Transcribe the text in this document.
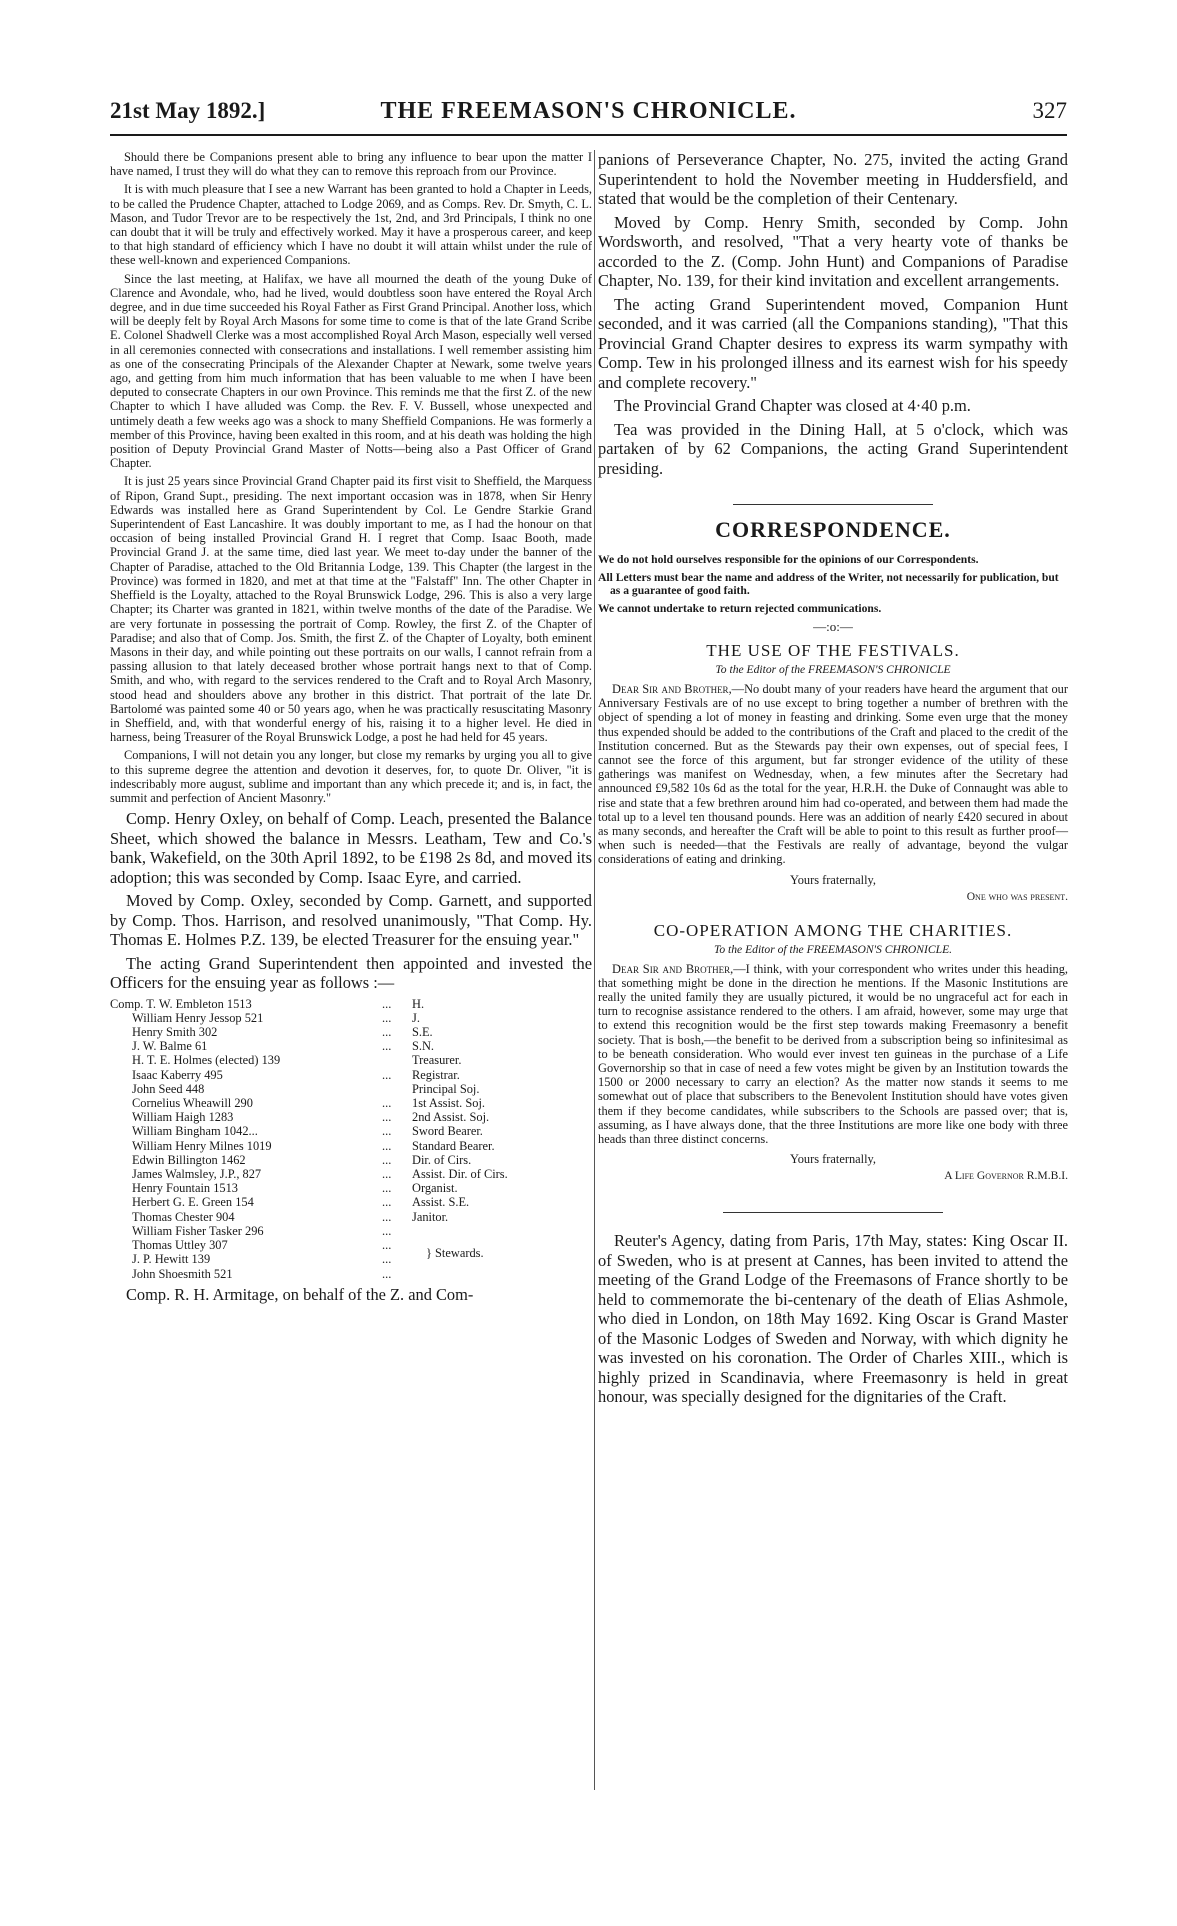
21st May 1892.]	THE FREEMASON'S CHRONICLE.	327

Should there be Companions present able to bring any influence to bear upon the matter I have named, I trust they will do what they can to remove this reproach from our Province.

It is with much pleasure that I see a new Warrant has been granted to hold a Chapter in Leeds, to be called the Prudence Chapter, attached to Lodge 2069, and as Comps. Rev. Dr. Smyth, C. L. Mason, and Tudor Trevor are to be respectively the 1st, 2nd, and 3rd Principals, I think no one can doubt that it will be truly and effectively worked. May it have a prosperous career, and keep to that high standard of efficiency which I have no doubt it will attain whilst under the rule of these well-known and experienced Companions.

Since the last meeting, at Halifax, we have all mourned the death of the young Duke of Clarence and Avondale, who, had he lived, would doubtless soon have entered the Royal Arch degree, and in due time succeeded his Royal Father as First Grand Principal. Another loss, which will be deeply felt by Royal Arch Masons for some time to come is that of the late Grand Scribe E. Colonel Shadwell Clerke was a most accomplished Royal Arch Mason, especially well versed in all ceremonies connected with consecrations and installations. I well remember assisting him as one of the consecrating Principals of the Alexander Chapter at Newark, some twelve years ago, and getting from him much information that has been valuable to me when I have been deputed to consecrate Chapters in our own Province. This reminds me that the first Z. of the new Chapter to which I have alluded was Comp. the Rev. F. V. Bussell, whose unexpected and untimely death a few weeks ago was a shock to many Sheffield Companions. He was formerly a member of this Province, having been exalted in this room, and at his death was holding the high position of Deputy Provincial Grand Master of Notts—being also a Past Officer of Grand Chapter.

It is just 25 years since Provincial Grand Chapter paid its first visit to Sheffield, the Marquess of Ripon, Grand Supt., presiding. The next important occasion was in 1878, when Sir Henry Edwards was installed here as Grand Superintendent by Col. Le Gendre Starkie Grand Superintendent of East Lancashire. It was doubly important to me, as I had the honour on that occasion of being installed Provincial Grand H. I regret that Comp. Isaac Booth, made Provincial Grand J. at the same time, died last year. We meet to-day under the banner of the Chapter of Paradise, attached to the Old Britannia Lodge, 139. This Chapter (the largest in the Province) was formed in 1820, and met at that time at the "Falstaff" Inn. The other Chapter in Sheffield is the Loyalty, attached to the Royal Brunswick Lodge, 296. This is also a very large Chapter; its Charter was granted in 1821, within twelve months of the date of the Paradise. We are very fortunate in possessing the portrait of Comp. Rowley, the first Z. of the Chapter of Paradise; and also that of Comp. Jos. Smith, the first Z. of the Chapter of Loyalty, both eminent Masons in their day, and while pointing out these portraits on our walls, I cannot refrain from a passing allusion to that lately deceased brother whose portrait hangs next to that of Comp. Smith, and who, with regard to the services rendered to the Craft and to Royal Arch Masonry, stood head and shoulders above any brother in this district. That portrait of the late Dr. Bartolomé was painted some 40 or 50 years ago, when he was practically resuscitating Masonry in Sheffield, and, with that wonderful energy of his, raising it to a higher level. He died in harness, being Treasurer of the Royal Brunswick Lodge, a post he had held for 45 years.

Companions, I will not detain you any longer, but close my remarks by urging you all to give to this supreme degree the attention and devotion it deserves, for, to quote Dr. Oliver, "it is indescribably more august, sublime and important than any which precede it; and is, in fact, the summit and perfection of Ancient Masonry."

Comp. Henry Oxley, on behalf of Comp. Leach, presented the Balance Sheet, which showed the balance in Messrs. Leatham, Tew and Co.'s bank, Wakefield, on the 30th April 1892, to be £198 2s 8d, and moved its adoption; this was seconded by Comp. Isaac Eyre, and carried.

Moved by Comp. Oxley, seconded by Comp. Garnett, and supported by Comp. Thos. Harrison, and resolved unanimously, "That Comp. Hy. Thomas E. Holmes P.Z. 139, be elected Treasurer for the ensuing year."

The acting Grand Superintendent then appointed and invested the Officers for the ensuing year as follows :—

Comp. T. W. Embleton 1513	...	H.
William Henry Jessop 521	...	J.
Henry Smith 302	...	S.E.
J. W. Balme 61	...	S.N.
H. T. E. Holmes (elected) 139	Treasurer.
Isaac Kaberry 495	...	Registrar.
John Seed 448	Principal Soj.
Cornelius Wheawill 290	...	1st Assist. Soj.
William Haigh 1283	...	2nd Assist. Soj.
William Bingham 1042...	...	Sword Bearer.
William Henry Milnes 1019	...	Standard Bearer.
Edwin Billington 1462	...	Dir. of Cirs.
James Walmsley, J.P., 827	...	Assist. Dir. of Cirs.
Henry Fountain 1513	...	Organist.
Herbert G. E. Green 154	...	Assist. S.E.
Thomas Chester 904	...	Janitor.
William Fisher Tasker 296	...
Thomas Uttley 307	...
J. P. Hewitt 139	...
John Shoesmith 521	...
} Stewards.

Comp. R. H. Armitage, on behalf of the Z. and Com-

panions of Perseverance Chapter, No. 275, invited the acting Grand Superintendent to hold the November meeting in Huddersfield, and stated that would be the completion of their Centenary.

Moved by Comp. Henry Smith, seconded by Comp. John Wordsworth, and resolved, "That a very hearty vote of thanks be accorded to the Z. (Comp. John Hunt) and Companions of Paradise Chapter, No. 139, for their kind invitation and excellent arrangements.

The acting Grand Superintendent moved, Companion Hunt seconded, and it was carried (all the Companions standing), "That this Provincial Grand Chapter desires to express its warm sympathy with Comp. Tew in his prolonged illness and its earnest wish for his speedy and complete recovery."

The Provincial Grand Chapter was closed at 4·40 p.m.

Tea was provided in the Dining Hall, at 5 o'clock, which was partaken of by 62 Companions, the acting Grand Superintendent presiding.

CORRESPONDENCE.

We do not hold ourselves responsible for the opinions of our Correspondents.

All Letters must bear the name and address of the Writer, not necessarily for publication, but as a guarantee of good faith.

We cannot undertake to return rejected communications.

—:o:—
THE USE OF THE FESTIVALS.
To the Editor of the FREEMASON'S CHRONICLE

Dear Sir and Brother,—No doubt many of your readers have heard the argument that our Anniversary Festivals are of no use except to bring together a number of brethren with the object of spending a lot of money in feasting and drinking. Some even urge that the money thus expended should be added to the contributions of the Craft and placed to the credit of the Institution concerned. But as the Stewards pay their own expenses, out of special fees, I cannot see the force of this argument, but far stronger evidence of the utility of these gatherings was manifest on Wednesday, when, a few minutes after the Secretary had announced £9,582 10s 6d as the total for the year, H.R.H. the Duke of Connaught was able to rise and state that a few brethren around him had co-operated, and between them had made the total up to a level ten thousand pounds. Here was an addition of nearly £420 secured in about as many seconds, and hereafter the Craft will be able to point to this result as further proof—when such is needed—that the Festivals are really of advantage, beyond the vulgar considerations of eating and drinking.

Yours fraternally,
One who was present.
CO-OPERATION AMONG THE CHARITIES.
To the Editor of the FREEMASON'S CHRONICLE.

Dear Sir and Brother,—I think, with your correspondent who writes under this heading, that something might be done in the direction he mentions. If the Masonic Institutions are really the united family they are usually pictured, it would be no ungraceful act for each in turn to recognise assistance rendered to the others. I am afraid, however, some may urge that to extend this recognition would be the first step towards making Freemasonry a benefit society. That is bosh,—the benefit to be derived from a subscription being so infinitesimal as to be beneath consideration. Who would ever invest ten guineas in the purchase of a Life Governorship so that in case of need a few votes might be given by an Institution towards the 1500 or 2000 necessary to carry an election? As the matter now stands it seems to me somewhat out of place that subscribers to the Benevolent Institution should have votes given them if they become candidates, while subscribers to the Schools are passed over; that is, assuming, as I have always done, that the three Institutions are more like one body with three heads than three distinct concerns.

Yours fraternally,
A Life Governor R.M.B.I.

Reuter's Agency, dating from Paris, 17th May, states: King Oscar II. of Sweden, who is at present at Cannes, has been invited to attend the meeting of the Grand Lodge of the Freemasons of France shortly to be held to commemorate the bi-centenary of the death of Elias Ashmole, who died in London, on 18th May 1692. King Oscar is Grand Master of the Masonic Lodges of Sweden and Norway, with which dignity he was invested on his coronation. The Order of Charles XIII., which is highly prized in Scandinavia, where Freemasonry is held in great honour, was specially designed for the dignitaries of the Craft.
